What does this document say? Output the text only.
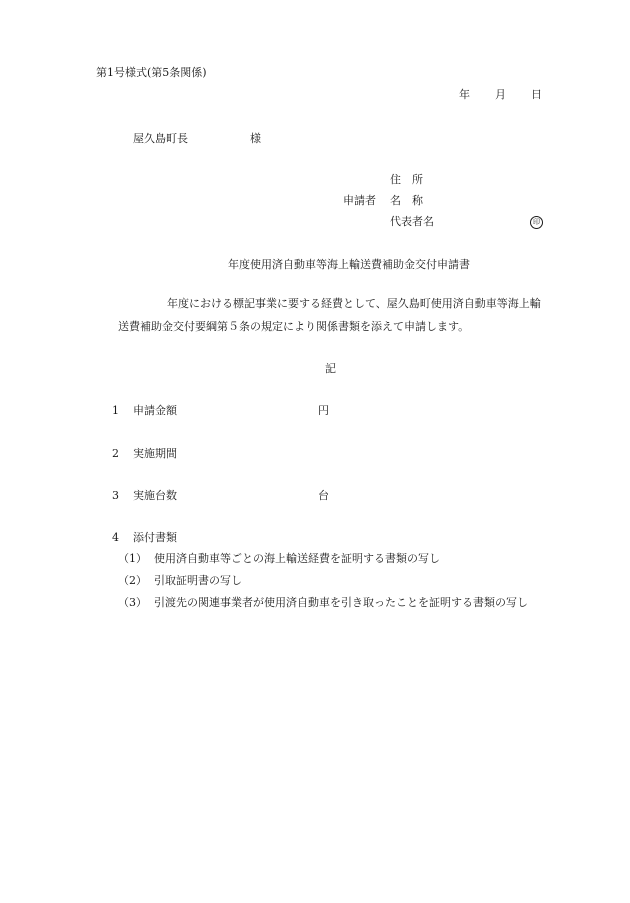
第1号様式(第5条関係)
年 月 日
屋久島町長	様
住　所
申請者 名　称
代表者名	印
年度使用済自動車等海上輸送費補助金交付申請書
年度における標記事業に要する経費として、屋久島町使用済自動車等海上輸
送費補助金交付要綱第５条の規定により関係書類を添えて申請します。
記
1 申請金額	円
2 実施期間
3 実施台数	台
4 添付書類
（1） 使用済自動車等ごとの海上輸送経費を証明する書類の写し
（2） 引取証明書の写し
（3） 引渡先の関連事業者が使用済自動車を引き取ったことを証明する書類の写し
